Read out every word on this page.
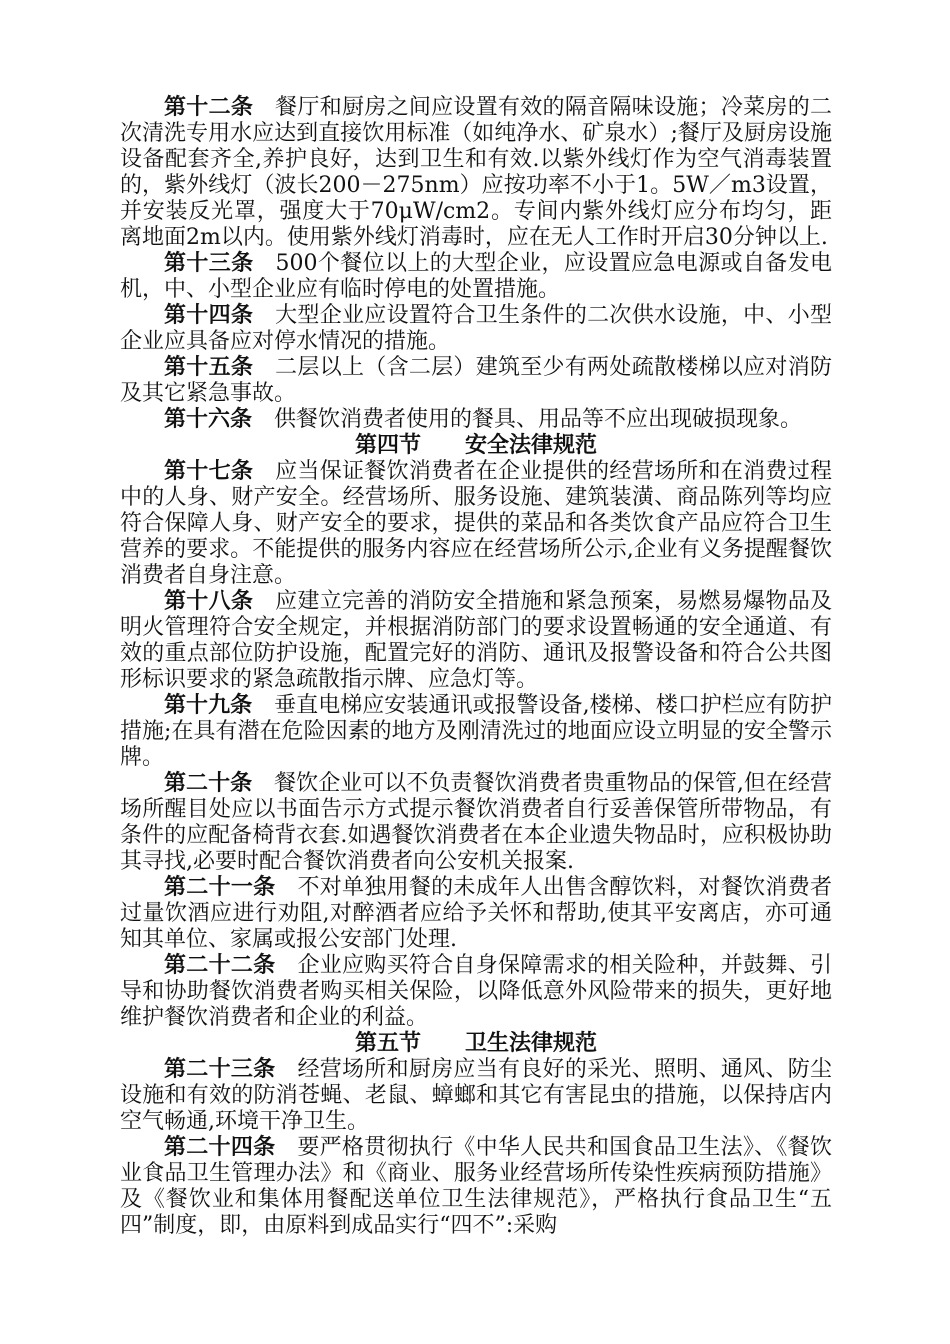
第十二条 餐厅和厨房之间应设置有效的隔音隔味设施；冷菜房的二次清洗专用水应达到直接饮用标准（如纯净水、矿泉水）;餐厅及厨房设施设备配套齐全,养护良好，达到卫生和有效.以紫外线灯作为空气消毒装置的，紫外线灯（波长200－275nm）应按功率不小于1。5W／m3设置，并安装反光罩，强度大于70μW/cm2。专间内紫外线灯应分布均匀，距离地面2m以内。使用紫外线灯消毒时，应在无人工作时开启30分钟以上.

第十三条 500个餐位以上的大型企业，应设置应急电源或自备发电机，中、小型企业应有临时停电的处置措施。

第十四条 大型企业应设置符合卫生条件的二次供水设施，中、小型企业应具备应对停水情况的措施。

第十五条 二层以上（含二层）建筑至少有两处疏散楼梯以应对消防及其它紧急事故。

第十六条 供餐饮消费者使用的餐具、用品等不应出现破损现象。

第四节 安全法律规范

第十七条 应当保证餐饮消费者在企业提供的经营场所和在消费过程中的人身、财产安全。经营场所、服务设施、建筑装潢、商品陈列等均应符合保障人身、财产安全的要求，提供的菜品和各类饮食产品应符合卫生营养的要求。不能提供的服务内容应在经营场所公示,企业有义务提醒餐饮消费者自身注意。

第十八条 应建立完善的消防安全措施和紧急预案，易燃易爆物品及明火管理符合安全规定，并根据消防部门的要求设置畅通的安全通道、有效的重点部位防护设施，配置完好的消防、通讯及报警设备和符合公共图形标识要求的紧急疏散指示牌、应急灯等。

第十九条 垂直电梯应安装通讯或报警设备,楼梯、楼口护栏应有防护措施;在具有潜在危险因素的地方及刚清洗过的地面应设立明显的安全警示牌。

第二十条 餐饮企业可以不负责餐饮消费者贵重物品的保管,但在经营场所醒目处应以书面告示方式提示餐饮消费者自行妥善保管所带物品，有条件的应配备椅背衣套.如遇餐饮消费者在本企业遗失物品时，应积极协助其寻找,必要时配合餐饮消费者向公安机关报案.

第二十一条 不对单独用餐的未成年人出售含醇饮料，对餐饮消费者过量饮酒应进行劝阻,对醉酒者应给予关怀和帮助,使其平安离店，亦可通知其单位、家属或报公安部门处理.

第二十二条 企业应购买符合自身保障需求的相关险种，并鼓舞、引导和协助餐饮消费者购买相关保险，以降低意外风险带来的损失，更好地维护餐饮消费者和企业的利益。

第五节 卫生法律规范

第二十三条 经营场所和厨房应当有良好的采光、照明、通风、防尘设施和有效的防消苍蝇、老鼠、蟑螂和其它有害昆虫的措施，以保持店内空气畅通,环境干净卫生。

第二十四条 要严格贯彻执行《中华人民共和国食品卫生法》、《餐饮业食品卫生管理办法》和《商业、服务业经营场所传染性疾病预防措施》及《餐饮业和集体用餐配送单位卫生法律规范》，严格执行食品卫生“五四”制度，即，由原料到成品实行“四不”:采购
